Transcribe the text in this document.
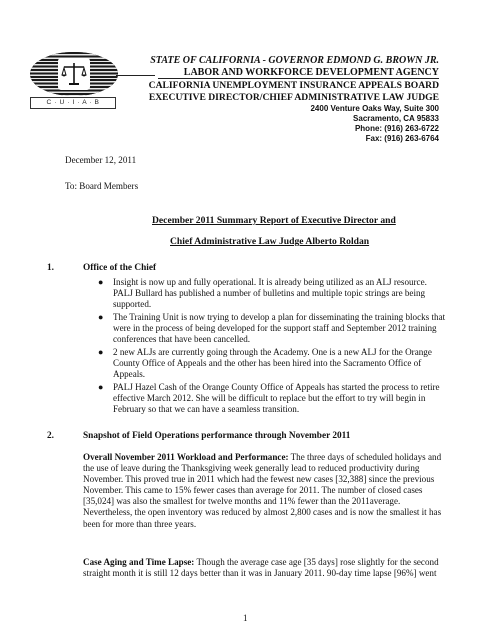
C · U · I · A · B
STATE OF CALIFORNIA - GOVERNOR EDMOND G. BROWN JR.
LABOR AND WORKFORCE DEVELOPMENT AGENCY
CALIFORNIA UNEMPLOYMENT INSURANCE APPEALS BOARD
EXECUTIVE DIRECTOR/CHIEF ADMINISTRATIVE LAW JUDGE
2400 Venture Oaks Way, Suite 300
Sacramento, CA 95833
Phone: (916) 263-6722
Fax: (916) 263-6764
December 12, 2011
To: Board Members
December 2011 Summary Report of Executive Director and
Chief Administrative Law Judge Alberto Roldan
1.	Office of the Chief
● Insight is now up and fully operational. It is already being utilized as an ALJ resource. PALJ Bullard has published a number of bulletins and multiple topic strings are being supported.
● The Training Unit is now trying to develop a plan for disseminating the training blocks that were in the process of being developed for the support staff and September 2012 training conferences that have been cancelled.
● 2 new ALJs are currently going through the Academy. One is a new ALJ for the Orange County Office of Appeals and the other has been hired into the Sacramento Office of Appeals.
● PALJ Hazel Cash of the Orange County Office of Appeals has started the process to retire effective March 2012. She will be difficult to replace but the effort to try will begin in February so that we can have a seamless transition.
2.	Snapshot of Field Operations performance through November 2011
Overall November 2011 Workload and Performance: The three days of scheduled holidays and the use of leave during the Thanksgiving week generally lead to reduced productivity during November. This proved true in 2011 which had the fewest new cases [32,388] since the previous November. This came to 15% fewer cases than average for 2011. The number of closed cases [35,024] was also the smallest for twelve months and 11% fewer than the 2011average. Nevertheless, the open inventory was reduced by almost 2,800 cases and is now the smallest it has been for more than three years.
Case Aging and Time Lapse: Though the average case age [35 days] rose slightly for the second straight month it is still 12 days better than it was in January 2011. 90-day time lapse [96%] went
1
